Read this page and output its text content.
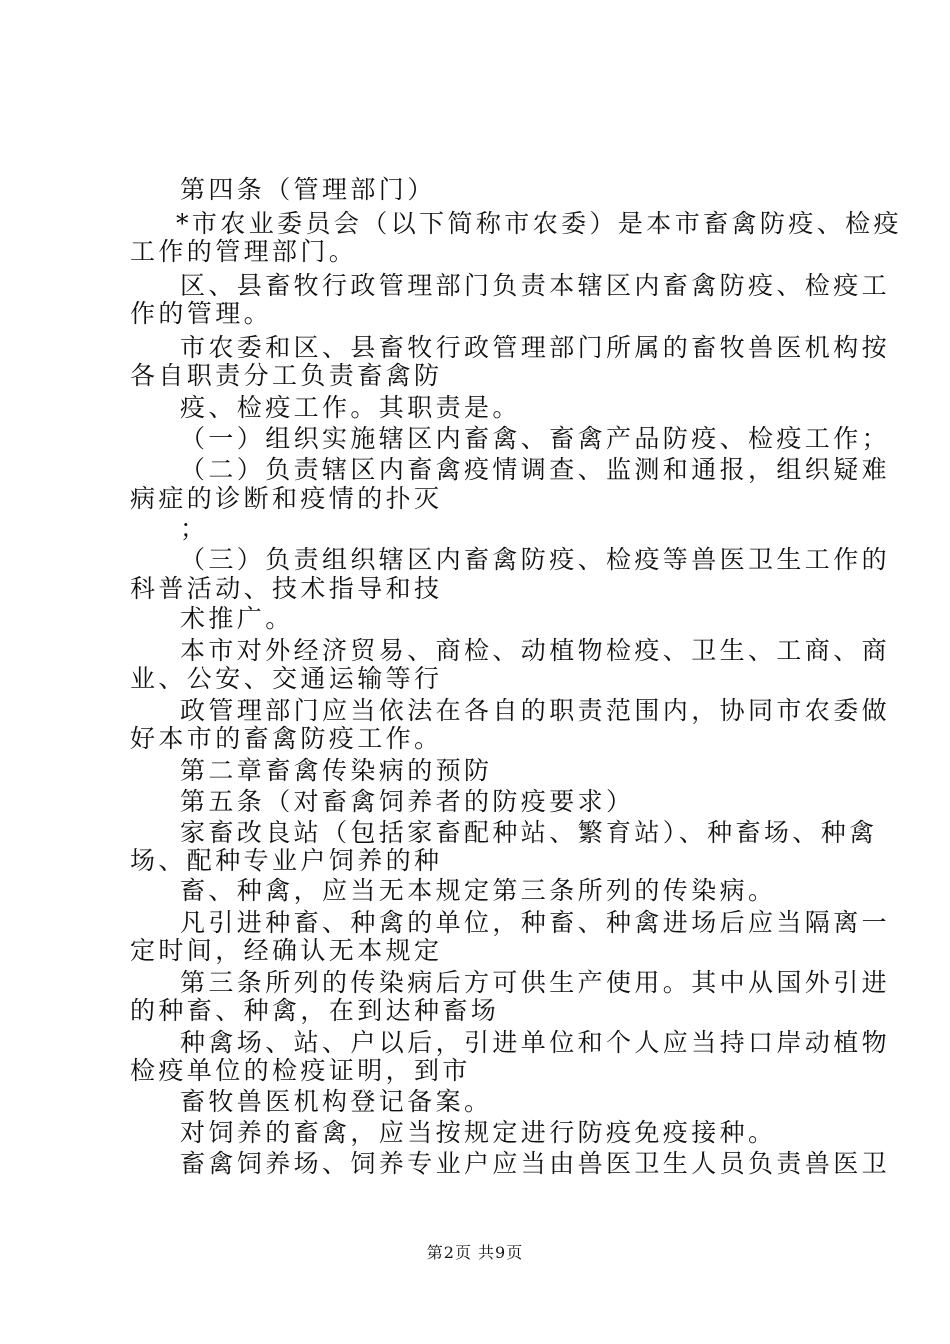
第四条（管理部门）
*市农业委员会（以下简称市农委）是本市畜禽防疫、检疫
工作的管理部门。
区、县畜牧行政管理部门负责本辖区内畜禽防疫、检疫工
作的管理。
市农委和区、县畜牧行政管理部门所属的畜牧兽医机构按
各自职责分工负责畜禽防
疫、检疫工作。其职责是。
（一）组织实施辖区内畜禽、畜禽产品防疫、检疫工作；
（二）负责辖区内畜禽疫情调查、监测和通报，组织疑难
病症的诊断和疫情的扑灭
；
（三）负责组织辖区内畜禽防疫、检疫等兽医卫生工作的
科普活动、技术指导和技
术推广。
本市对外经济贸易、商检、动植物检疫、卫生、工商、商
业、公安、交通运输等行
政管理部门应当依法在各自的职责范围内，协同市农委做
好本市的畜禽防疫工作。
第二章畜禽传染病的预防
第五条（对畜禽饲养者的防疫要求）
家畜改良站（包括家畜配种站、繁育站）、种畜场、种禽
场、配种专业户饲养的种
畜、种禽，应当无本规定第三条所列的传染病。
凡引进种畜、种禽的单位，种畜、种禽进场后应当隔离一
定时间，经确认无本规定
第三条所列的传染病后方可供生产使用。其中从国外引进
的种畜、种禽，在到达种畜场
种禽场、站、户以后，引进单位和个人应当持口岸动植物
检疫单位的检疫证明，到市
畜牧兽医机构登记备案。
对饲养的畜禽，应当按规定进行防疫免疫接种。
畜禽饲养场、饲养专业户应当由兽医卫生人员负责兽医卫
第2页 共9页
